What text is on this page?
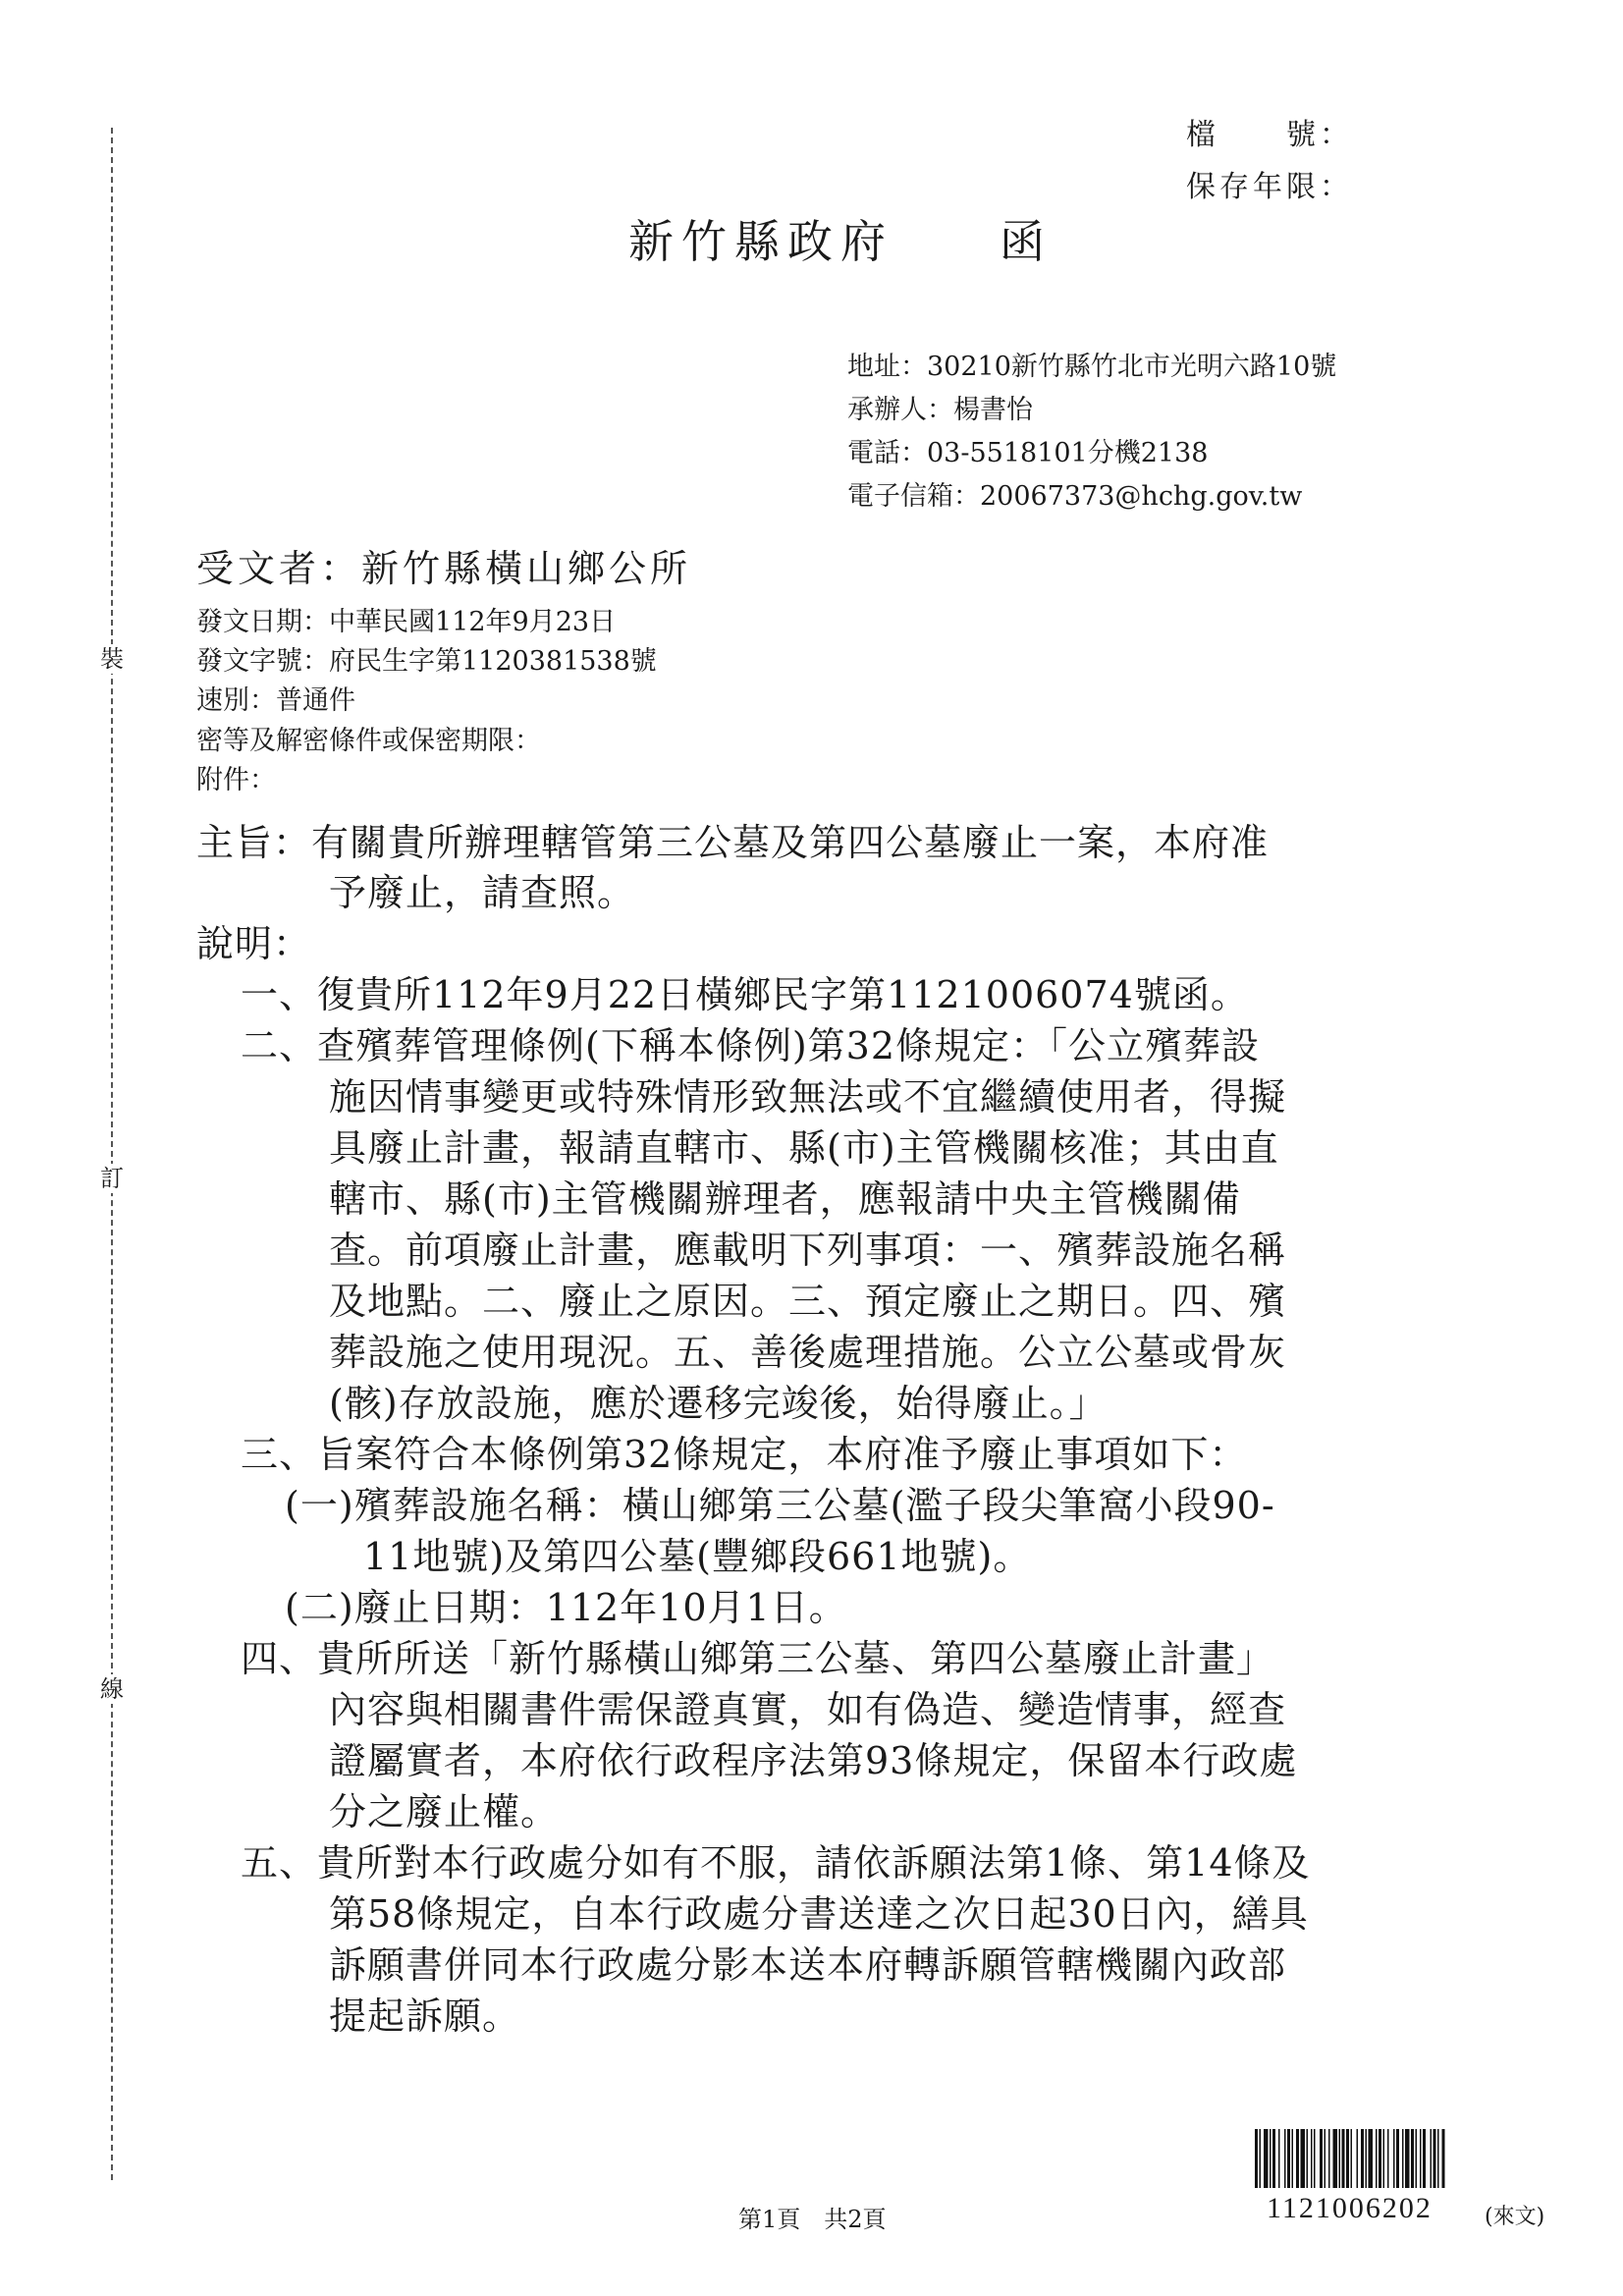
裝
訂
線
檔　　號：
保存年限：
新竹縣政府　　函
地址：30210新竹縣竹北市光明六路10號
承辦人：楊書怡
電話：03-5518101分機2138
電子信箱：20067373@hchg.gov.tw
受文者：新竹縣橫山鄉公所
發文日期：中華民國112年9月23日
發文字號：府民生字第1120381538號
速別：普通件
密等及解密條件或保密期限：
附件：
主旨：有關貴所辦理轄管第三公墓及第四公墓廢止一案，本府准
予廢止，請查照。
說明：
一、復貴所112年9月22日橫鄉民字第1121006074號函。
二、查殯葬管理條例(下稱本條例)第32條規定：「公立殯葬設
施因情事變更或特殊情形致無法或不宜繼續使用者，得擬
具廢止計畫，報請直轄市、縣(市)主管機關核准；其由直
轄市、縣(市)主管機關辦理者，應報請中央主管機關備
查。前項廢止計畫，應載明下列事項：一、殯葬設施名稱
及地點。二、廢止之原因。三、預定廢止之期日。四、殯
葬設施之使用現況。五、善後處理措施。公立公墓或骨灰
(骸)存放設施，應於遷移完竣後，始得廢止。」
三、旨案符合本條例第32條規定，本府准予廢止事項如下：
(一)殯葬設施名稱：橫山鄉第三公墓(濫子段尖筆窩小段90-
11地號)及第四公墓(豐鄉段661地號)。
(二)廢止日期：112年10月1日。
四、貴所所送「新竹縣橫山鄉第三公墓、第四公墓廢止計畫」
內容與相關書件需保證真實，如有偽造、變造情事，經查
證屬實者，本府依行政程序法第93條規定，保留本行政處
分之廢止權。
五、貴所對本行政處分如有不服，請依訴願法第1條、第14條及
第58條規定，自本行政處分書送達之次日起30日內，繕具
訴願書併同本行政處分影本送本府轉訴願管轄機關內政部
提起訴願。
第1頁　共2頁	1121006202 (來文)
